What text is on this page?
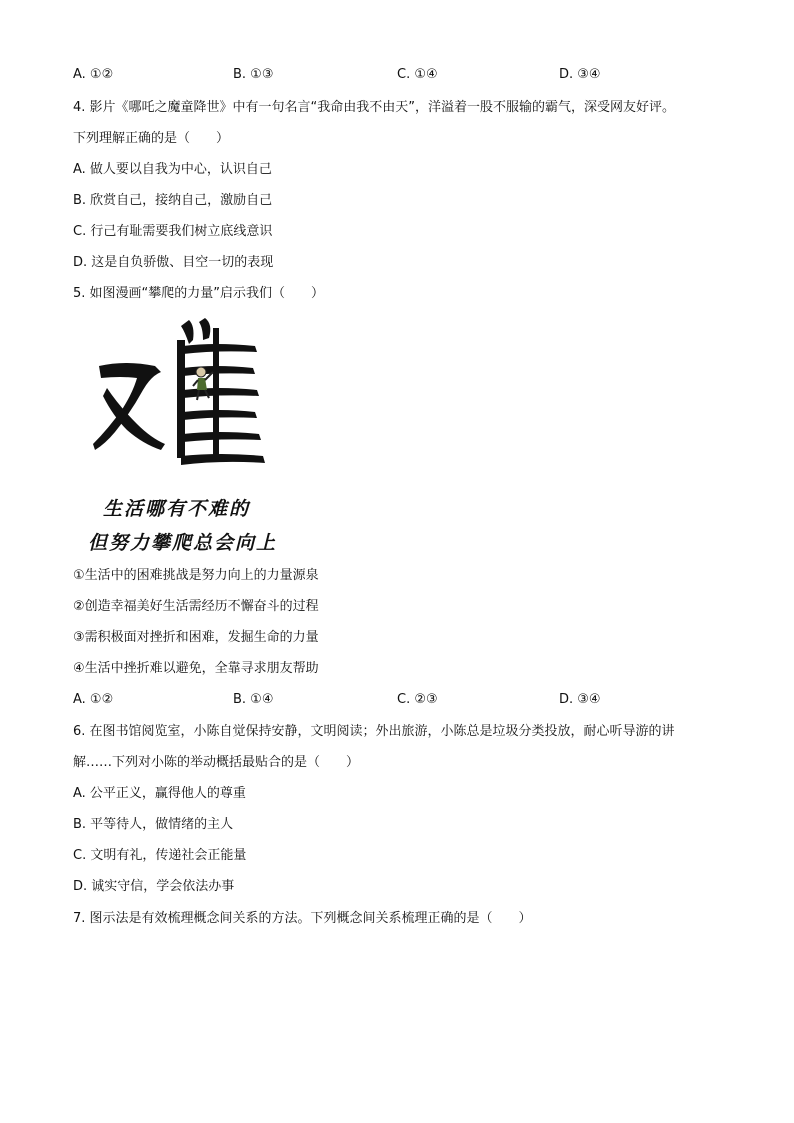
A. ①②	B. ①③	C. ①④	D. ③④
4. 影片《哪吒之魔童降世》中有一句名言“我命由我不由天”，洋溢着一股不服输的霸气，深受网友好评。
下列理解正确的是（　　）
A. 做人要以自我为中心，认识自己
B. 欣赏自己，接纳自己，激励自己
C. 行己有耻需要我们树立底线意识
D. 这是自负骄傲、目空一切的表现
5. 如图漫画“攀爬的力量”启示我们（　　）
生活哪有不难的
但努力攀爬总会向上
①生活中的困难挑战是努力向上的力量源泉
②创造幸福美好生活需经历不懈奋斗的过程
③需积极面对挫折和困难，发掘生命的力量
④生活中挫折难以避免，全靠寻求朋友帮助
A. ①②	B. ①④	C. ②③	D. ③④
6. 在图书馆阅览室，小陈自觉保持安静，文明阅读；外出旅游，小陈总是垃圾分类投放，耐心听导游的讲
解……下列对小陈的举动概括最贴合的是（　　）
A. 公平正义，赢得他人的尊重
B. 平等待人，做情绪的主人
C. 文明有礼，传递社会正能量
D. 诚实守信，学会依法办事
7. 图示法是有效梳理概念间关系的方法。下列概念间关系梳理正确的是（　　）
